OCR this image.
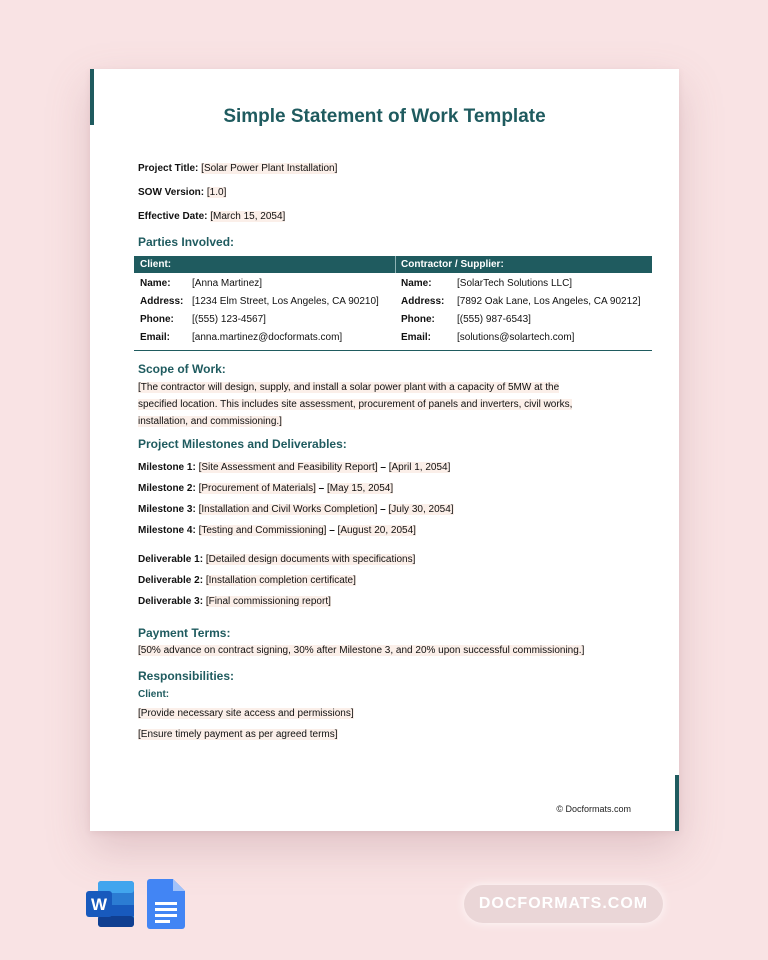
Simple Statement of Work Template
Project Title: [Solar Power Plant Installation]
SOW Version: [1.0]
Effective Date: [March 15, 2054]
Parties Involved:
Client:	Contractor / Supplier:
Name: [Anna Martinez]	Name:	[SolarTech Solutions LLC]
Address: [1234 Elm Street, Los Angeles, CA 90210] Address: [7892 Oak Lane, Los Angeles, CA 90212]
Phone: [(555) 123-4567]	Phone: [(555) 987-6543]
Email: [anna.martinez@docformats.com]	Email:	[solutions@solartech.com]
Scope of Work:
[The contractor will design, supply, and install a solar power plant with a capacity of 5MW at the
specified location. This includes site assessment, procurement of panels and inverters, civil works,
installation, and commissioning.]
Project Milestones and Deliverables:
Milestone 1: [Site Assessment and Feasibility Report] – [April 1, 2054]
Milestone 2: [Procurement of Materials] – [May 15, 2054]
Milestone 3: [Installation and Civil Works Completion] – [July 30, 2054]
Milestone 4: [Testing and Commissioning] – [August 20, 2054]
Deliverable 1: [Detailed design documents with specifications]
Deliverable 2: [Installation completion certificate]
Deliverable 3: [Final commissioning report]
Payment Terms:
[50% advance on contract signing, 30% after Milestone 3, and 20% upon successful commissioning.]
Responsibilities:
Client:
[Provide necessary site access and permissions]
[Ensure timely payment as per agreed terms]
© Docformats.com
W	DOCFORMATS.COM
